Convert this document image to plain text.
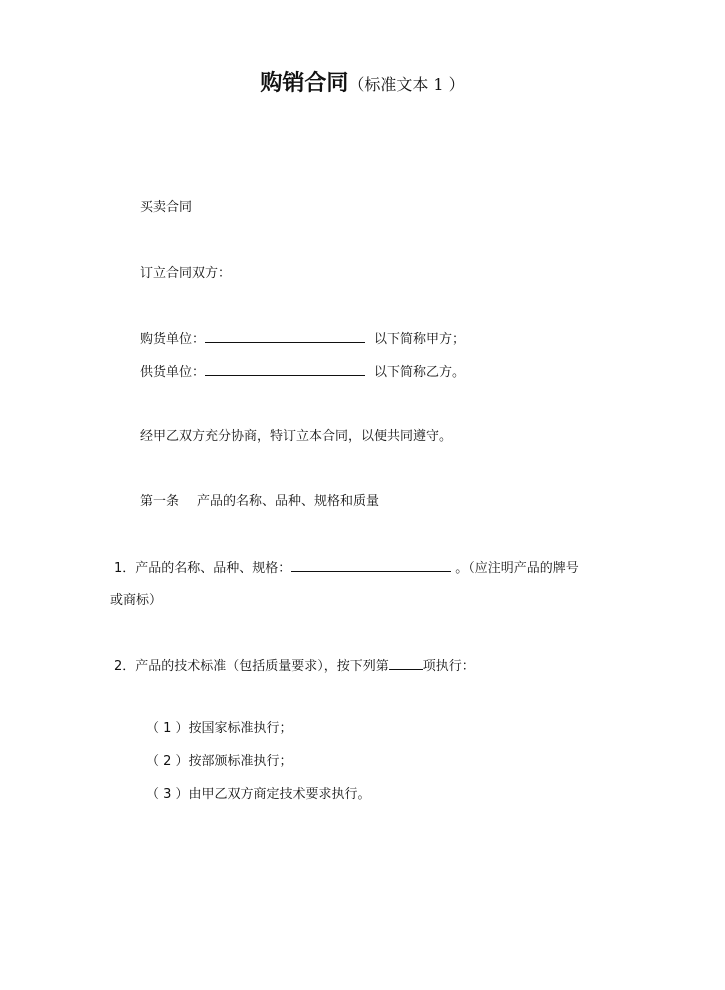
购销合同（标准文本 1 ）
买卖合同
订立合同双方：
购货单位：	以下简称甲方；
供货单位：	以下简称乙方。
经甲乙双方充分协商，特订立本合同，以便共同遵守。
第一条 产品的名称、品种、规格和质量
1．产品的名称、品种、规格：	。（应注明产品的牌号
或商标）
2．产品的技术标准（包括质量要求），按下列第	项执行：
（ 1 ）按国家标准执行；
（ 2 ）按部颁标准执行；
（ 3 ）由甲乙双方商定技术要求执行。
